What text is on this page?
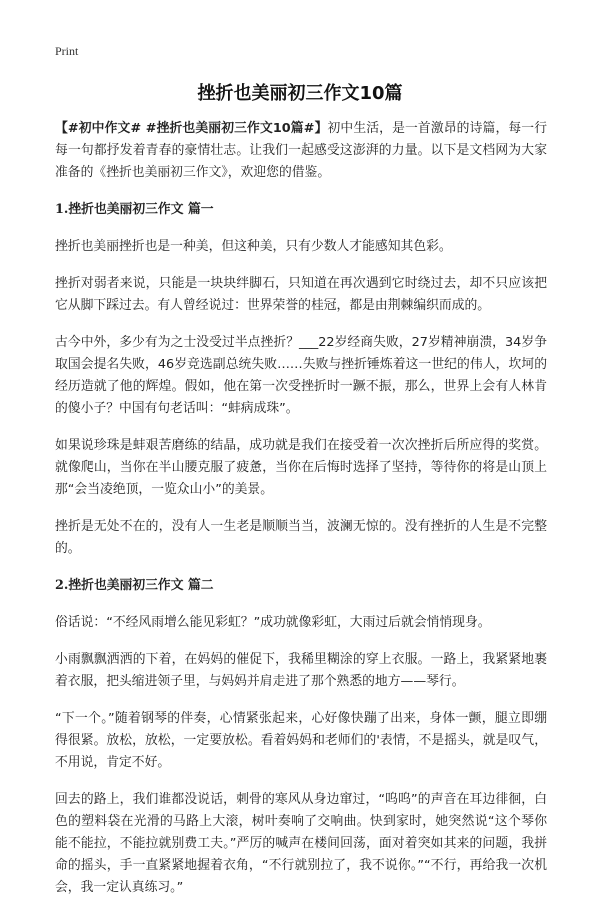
Print
挫折也美丽初三作文10篇

【#初中作文# #挫折也美丽初三作文10篇#】初中生活，是一首激昂的诗篇，每一行每一句都抒发着青春的豪情壮志。让我们一起感受这澎湃的力量。以下是文档网为大家准备的《挫折也美丽初三作文》，欢迎您的借鉴。

1.挫折也美丽初三作文 篇一

挫折也美丽挫折也是一种美，但这种美，只有少数人才能感知其色彩。

挫折对弱者来说，只能是一块块绊脚石，只知道在再次遇到它时绕过去，却不只应该把它从脚下踩过去。有人曾经说过：世界荣誉的桂冠，都是由荆棘编织而成的。

古今中外，多少有为之士没受过半点挫折？___22岁经商失败，27岁精神崩溃，34岁争取国会提名失败，46岁竞选副总统失败……失败与挫折锤炼着这一世纪的伟人，坎坷的经历造就了他的辉煌。假如，他在第一次受挫折时一蹶不振，那么，世界上会有人林肯的傻小子？中国有句老话叫：“蚌病成珠”。

如果说珍珠是蚌艰苦磨练的结晶，成功就是我们在接受着一次次挫折后所应得的奖赏。就像爬山，当你在半山腰克服了疲惫，当你在后悔时选择了坚持，等待你的将是山顶上那“会当凌绝顶，一览众山小”的美景。

挫折是无处不在的，没有人一生老是顺顺当当，波澜无惊的。没有挫折的人生是不完整的。

2.挫折也美丽初三作文 篇二

俗话说：“不经风雨增么能见彩虹？”成功就像彩虹，大雨过后就会悄悄现身。

小雨飘飘洒洒的下着，在妈妈的催促下，我稀里糊涂的穿上衣服。一路上，我紧紧地裹着衣服，把头缩进领子里，与妈妈并肩走进了那个熟悉的地方——琴行。

“下一个。”随着钢琴的伴奏，心情紧张起来，心好像快蹦了出来，身体一颤，腿立即绷得很紧。放松，放松，一定要放松。看着妈妈和老师们的'表情，不是摇头，就是叹气，不用说，肯定不好。

回去的路上，我们谁都没说话，刺骨的寒风从身边窜过，“呜呜”的声音在耳边徘徊，白色的塑料袋在光滑的马路上大滚，树叶奏响了交响曲。快到家时，她突然说“这个琴你能不能拉，不能拉就别费工夫。”严厉的喊声在楼间回荡，面对着突如其来的问题，我拼命的摇头，手一直紧紧地握着衣角，“不行就别拉了，我不说你。”“不行，再给我一次机会，我一定认真练习。”
